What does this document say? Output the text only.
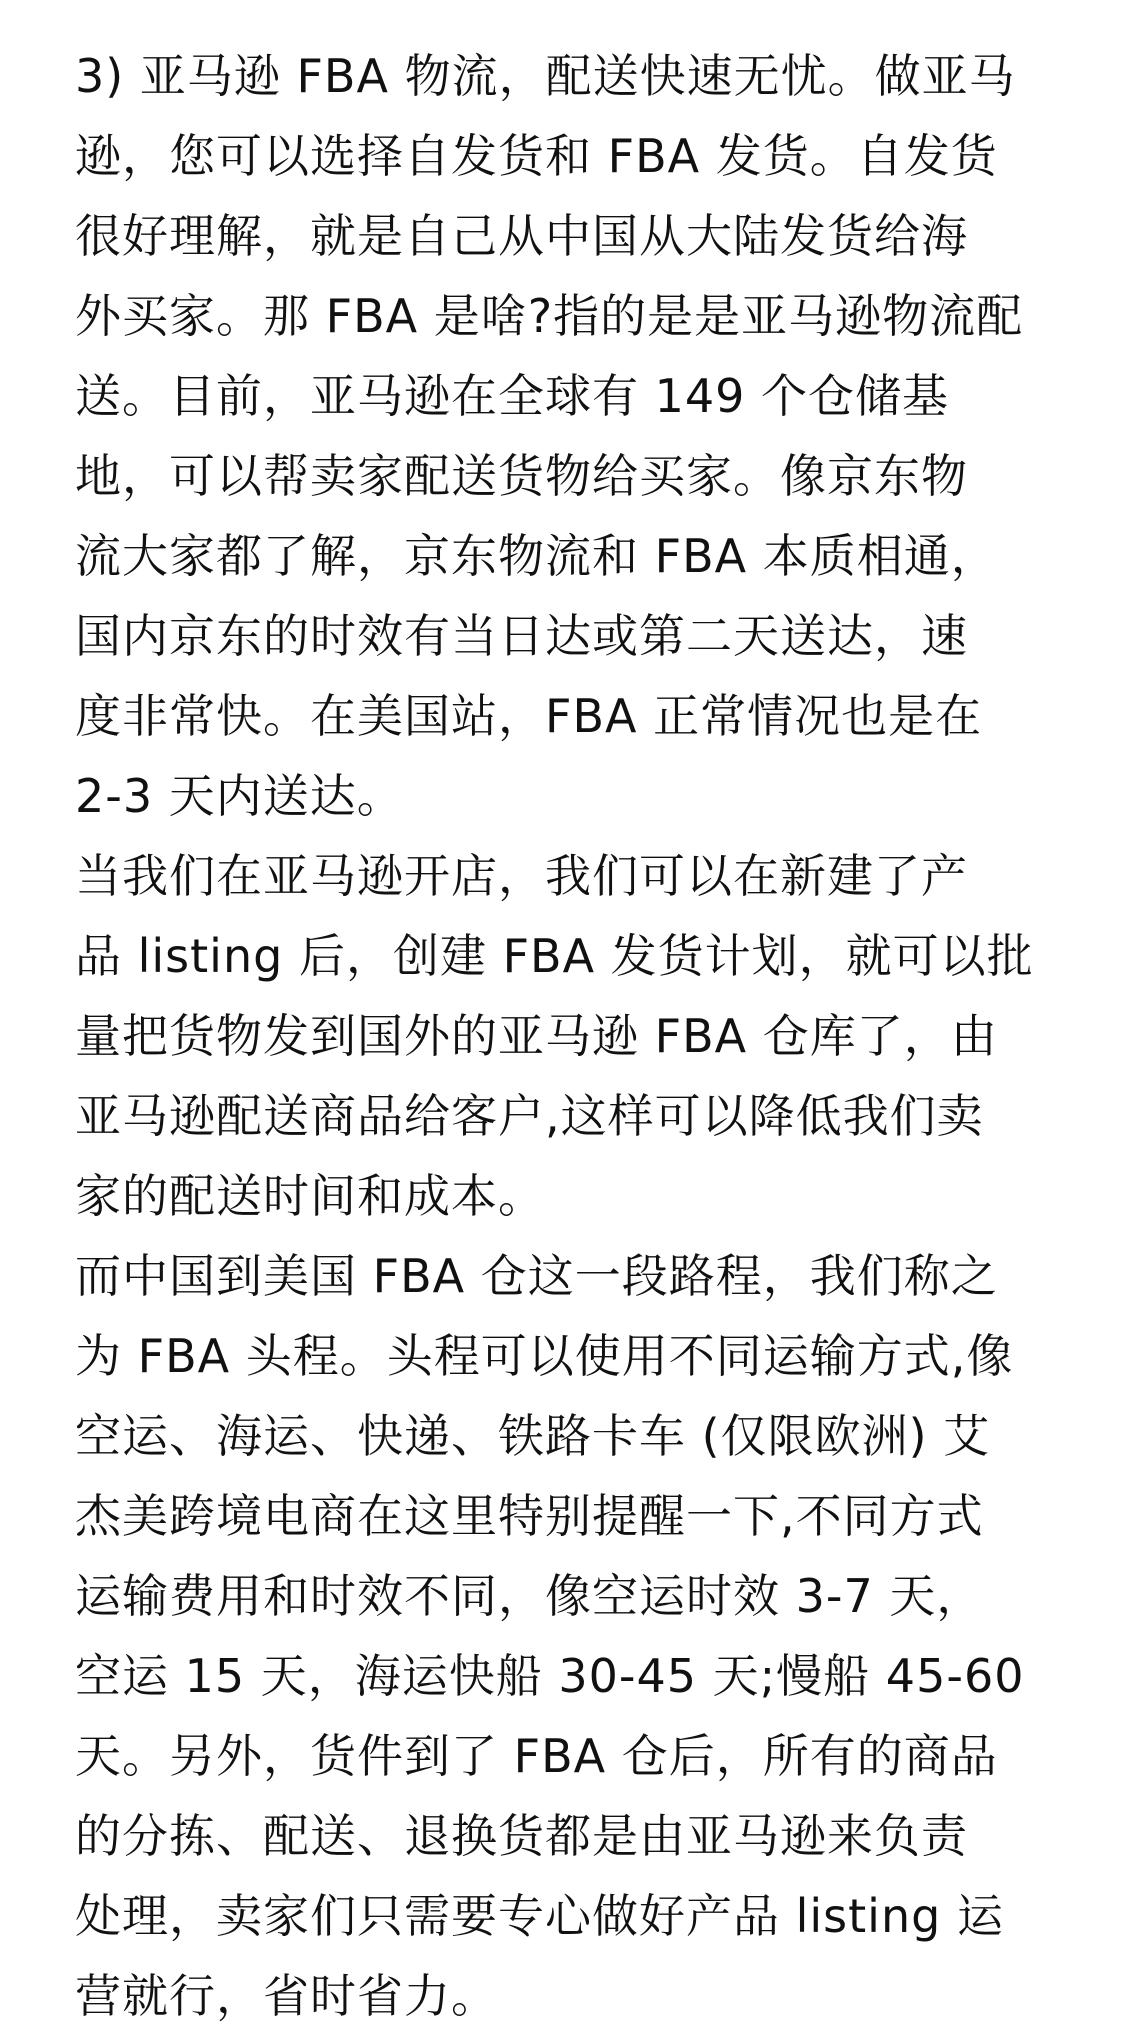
3) 亚马逊 FBA 物流，配送快速无忧。做亚马
逊，您可以选择自发货和 FBA 发货。自发货
很好理解，就是自己从中国从大陆发货给海
外买家。那 FBA 是啥?指的是是亚马逊物流配
送。目前，亚马逊在全球有 149 个仓储基
地，可以帮卖家配送货物给买家。像京东物
流大家都了解，京东物流和 FBA 本质相通，
国内京东的时效有当日达或第二天送达，速
度非常快。在美国站，FBA 正常情况也是在
2-3 天内送达。
当我们在亚马逊开店，我们可以在新建了产
品 listing 后，创建 FBA 发货计划，就可以批
量把货物发到国外的亚马逊 FBA 仓库了，由
亚马逊配送商品给客户,这样可以降低我们卖
家的配送时间和成本。
而中国到美国 FBA 仓这一段路程，我们称之
为 FBA 头程。头程可以使用不同运输方式,像
空运、海运、快递、铁路卡车 (仅限欧洲) 艾
杰美跨境电商在这里特别提醒一下,不同方式
运输费用和时效不同，像空运时效 3-7 天，
空运 15 天，海运快船 30-45 天;慢船 45-60
天。另外，货件到了 FBA 仓后，所有的商品
的分拣、配送、退换货都是由亚马逊来负责
处理，卖家们只需要专心做好产品 listing 运
营就行，省时省力。
